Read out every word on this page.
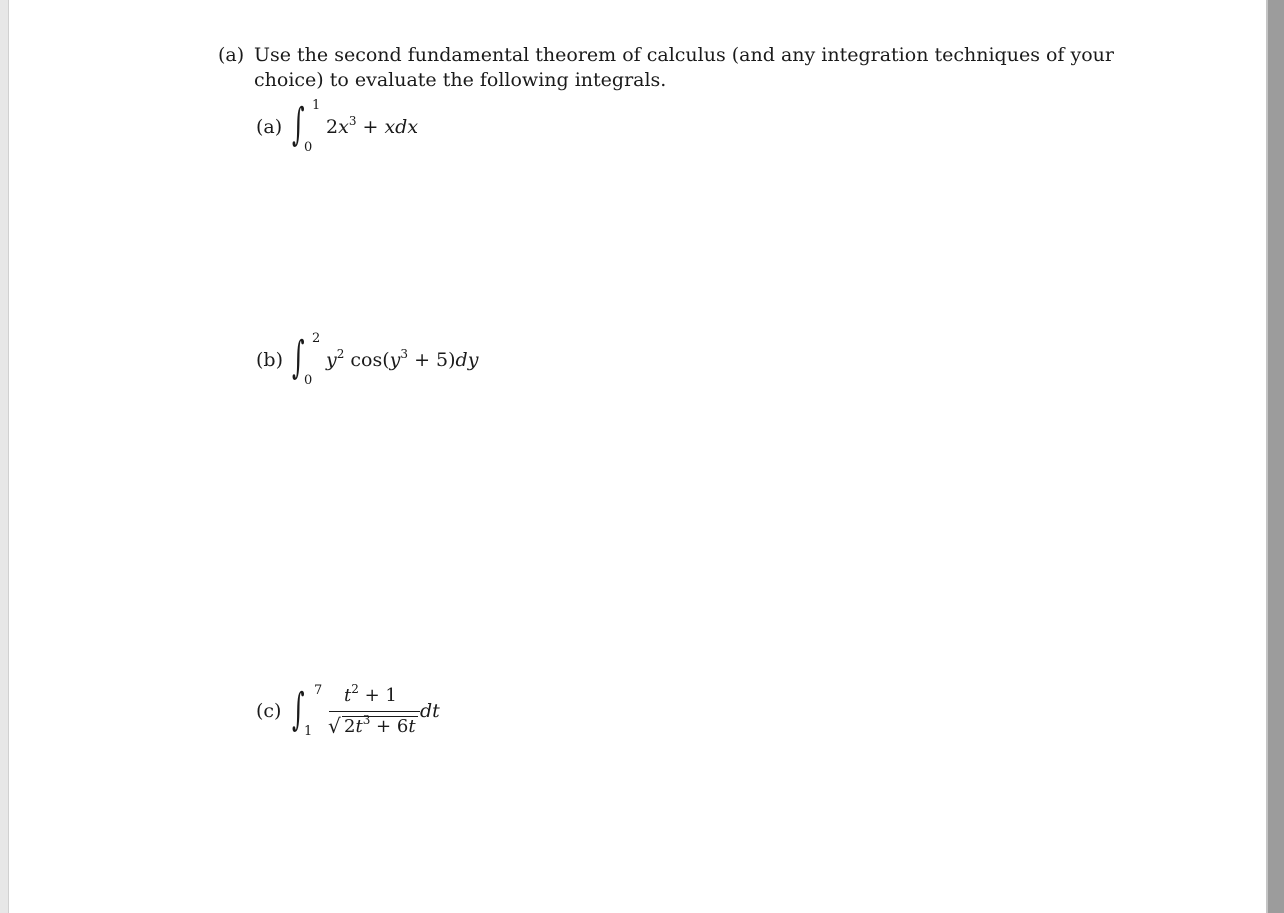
(a) Use the second fundamental theorem of calculus (and any integration techniques of your choice) to evaluate the following integrals.
(a) ∫ 1
0
$2x^3$ + xdx
(b) ∫ 2
0
$y^2$ $\cos(y^3 + 5)dy$
(c) ∫ 7
1
$t^2 + 1$
√ $2t^3 + 6t$
dt
